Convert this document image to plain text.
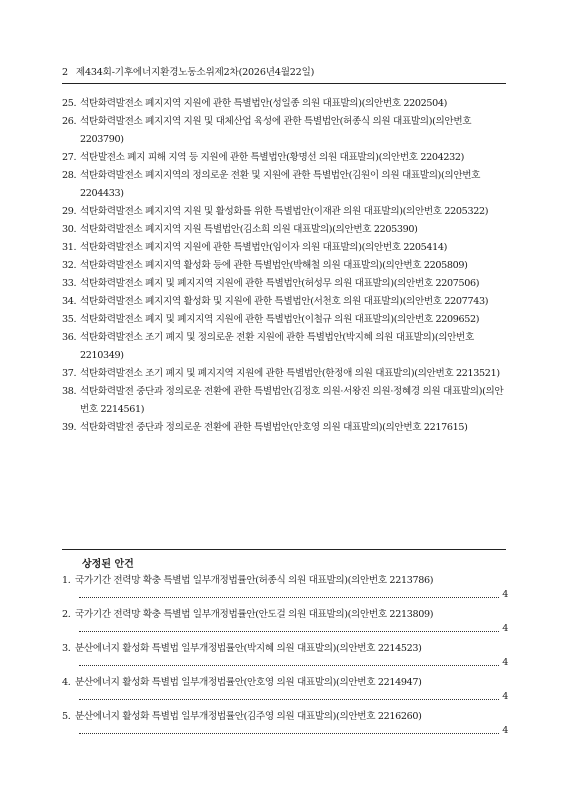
2 제434회-기후에너지환경노동소위제2차(2026년4월22일)
25. 석탄화력발전소 폐지지역 지원에 관한 특별법안(성일종 의원 대표발의)(의안번호 2202504)
26. 석탄화력발전소 폐지지역 지원 및 대체산업 육성에 관한 특별법안(허종식 의원 대표발의)(의안번호 2203790)
27. 석탄발전소 폐지 피해 지역 등 지원에 관한 특별법안(황명선 의원 대표발의)(의안번호 2204232)
28. 석탄화력발전소 폐지지역의 정의로운 전환 및 지원에 관한 특별법안(김원이 의원 대표발의)(의안번호 2204433)
29. 석탄화력발전소 폐지지역 지원 및 활성화를 위한 특별법안(이재관 의원 대표발의)(의안번호 2205322)
30. 석탄화력발전소 폐지지역 지원 특별법안(김소희 의원 대표발의)(의안번호 2205390)
31. 석탄화력발전소 폐지지역 지원에 관한 특별법안(임이자 의원 대표발의)(의안번호 2205414)
32. 석탄화력발전소 폐지지역 활성화 등에 관한 특별법안(박해철 의원 대표발의)(의안번호 2205809)
33. 석탄화력발전소 폐지 및 폐지지역 지원에 관한 특별법안(허성무 의원 대표발의)(의안번호 2207506)
34. 석탄화력발전소 폐지지역 활성화 및 지원에 관한 특별법안(서천호 의원 대표발의)(의안번호 2207743)
35. 석탄화력발전소 폐지 및 폐지지역 지원에 관한 특별법안(이철규 의원 대표발의)(의안번호 2209652)
36. 석탄화력발전소 조기 폐지 및 정의로운 전환 지원에 관한 특별법안(박지혜 의원 대표발의)(의안번호 2210349)
37. 석탄화력발전소 조기 폐지 및 폐지지역 지원에 관한 특별법안(한정애 의원 대표발의)(의안번호 2213521)
38. 석탄화력발전 중단과 정의로운 전환에 관한 특별법안(김정호 의원·서왕진 의원·정혜경 의원 대표발의)(의안번호 2214561)
39. 석탄화력발전 중단과 정의로운 전환에 관한 특별법안(안호영 의원 대표발의)(의안번호 2217615)
상정된 안건
1. 국가기간 전력망 확충 특별법 일부개정법률안(허종식 의원 대표발의)(의안번호 2213786)
4
2. 국가기간 전력망 확충 특별법 일부개정법률안(안도걸 의원 대표발의)(의안번호 2213809)
4
3. 분산에너지 활성화 특별법 일부개정법률안(박지혜 의원 대표발의)(의안번호 2214523)
4
4. 분산에너지 활성화 특별법 일부개정법률안(안호영 의원 대표발의)(의안번호 2214947)
4
5. 분산에너지 활성화 특별법 일부개정법률안(김주영 의원 대표발의)(의안번호 2216260)
4
